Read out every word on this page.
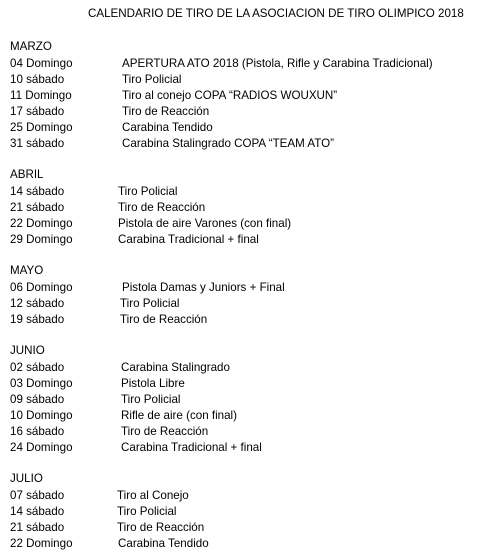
CALENDARIO DE TIRO DE LA ASOCIACION DE TIRO OLIMPICO 2018
MARZO
04 Domingo	APERTURA ATO 2018 (Pistola, Rifle y Carabina Tradicional)
10 sábado	Tiro Policial
11 Domingo	Tiro al conejo COPA “RADIOS WOUXUN”
17 sábado	Tiro de Reacción
25 Domingo	Carabina Tendido
31 sábado	Carabina Stalingrado COPA “TEAM ATO”
ABRIL
14 sábado	Tiro Policial
21 sábado	Tiro de Reacción
22 Domingo	Pistola de aire Varones (con final)
29 Domingo	Carabina Tradicional + final
MAYO
06 Domingo	Pistola Damas y Juniors + Final
12 sábado	Tiro Policial
19 sábado	Tiro de Reacción
JUNIO
02 sábado	Carabina Stalingrado
03 Domingo	Pistola Libre
09 sábado	Tiro Policial
10 Domingo	Rifle de aire (con final)
16 sábado	Tiro de Reacción
24 Domingo	Carabina Tradicional + final
JULIO
07 sábado	Tiro al Conejo
14 sábado	Tiro Policial
21 sábado	Tiro de Reacción
22 Domingo	Carabina Tendido
